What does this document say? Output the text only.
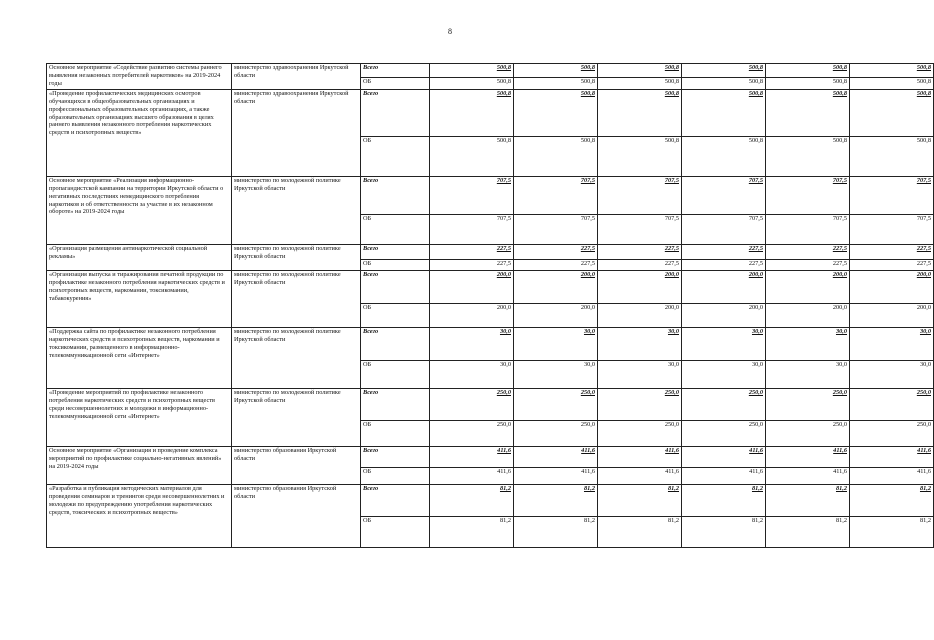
8
Основное мероприятие «Содействие развитию системы раннего выявления незаконных потребителей наркотиков» на 2019-2024 годы	министерство здравоохранения Иркутской области	Всего	500,8	500,8	500,8	500,8	500,8	500,8
		ОБ	500,8	500,8	500,8	500,8	500,8	500,8
«Проведение профилактических медицинских осмотров обучающихся в общеобразовательных организациях и профессиональных образовательных организациях, а также образовательных организациях высшего образования в целях раннего выявления незаконного потребления наркотических средств и психотропных веществ»	министерство здравоохранения Иркутской области	Всего	500,8	500,8	500,8	500,8	500,8	500,8
		ОБ	500,8	500,8	500,8	500,8	500,8	500,8
Основное мероприятие «Реализация информационно-пропагандистской кампании на территории Иркутской области о негативных последствиях немедицинского потребления наркотиков и об ответственности за участие в их незаконном обороте» на 2019-2024 годы	министерство по молодежной политике Иркутской области	Всего	707,5	707,5	707,5	707,5	707,5	707,5
		ОБ	707,5	707,5	707,5	707,5	707,5	707,5
«Организация размещения антинаркотической социальной рекламы»	министерство по молодежной политике Иркутской области	Всего	227,5	227,5	227,5	227,5	227,5	227,5
		ОБ	227,5	227,5	227,5	227,5	227,5	227,5
«Организация выпуска и тиражирования печатной продукции по профилактике незаконного потребления наркотических средств и психотропных веществ, наркомании, токсикомании, табакокурения»	министерство по молодежной политике Иркутской области	Всего	200,0	200,0	200,0	200,0	200,0	200,0
		ОБ	200,0	200,0	200,0	200,0	200,0	200,0
«Поддержка сайта по профилактике незаконного потребления наркотических средств и психотропных веществ, наркомании и токсикомании, размещенного в информационно-телекоммуникационной сети «Интернет»	министерство по молодежной политике Иркутской области	Всего	30,0	30,0	30,0	30,0	30,0	30,0
		ОБ	30,0	30,0	30,0	30,0	30,0	30,0
«Проведение мероприятий по профилактике незаконного потребления наркотических средств и психотропных веществ среди несовершеннолетних и молодежи в информационно-телекоммуникационной сети «Интернет»	министерство по молодежной политике Иркутской области	Всего	250,0	250,0	250,0	250,0	250,0	250,0
		ОБ	250,0	250,0	250,0	250,0	250,0	250,0
Основное мероприятие «Организация и проведение комплекса мероприятий по профилактике социально-негативных явлений» на 2019-2024 годы	министерство образования Иркутской области	Всего	411,6	411,6	411,6	411,6	411,6	411,6
		ОБ	411,6	411,6	411,6	411,6	411,6	411,6
«Разработка и публикация методических материалов для проведения семинаров и тренингов среди несовершеннолетних и молодежи по предупреждению употребления наркотических средств, токсических и психотропных веществ»	министерство образования Иркутской области	Всего	81,2	81,2	81,2	81,2	81,2	81,2
		ОБ	81,2	81,2	81,2	81,2	81,2	81,2
